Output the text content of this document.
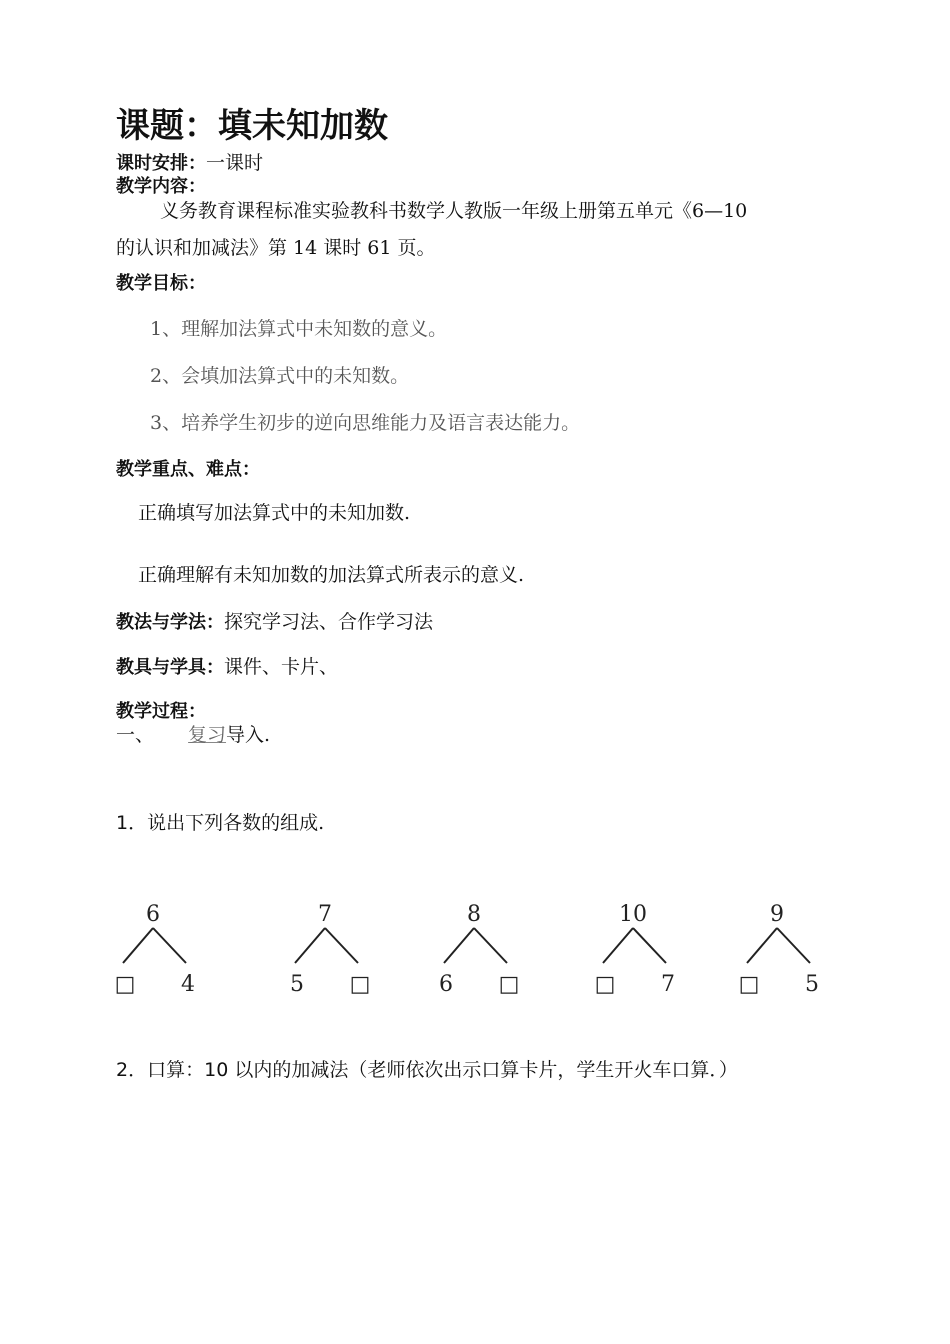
课题：填未知加数
课时安排：一课时
教学内容：
义务教育课程标准实验教科书数学人教版一年级上册第五单元《6—10
的认识和加减法》第 14 课时 61 页。
教学目标：
1、理解加法算式中未知数的意义。
2、会填加法算式中的未知数。
3、培养学生初步的逆向思维能力及语言表达能力。
教学重点、难点：
正确填写加法算式中的未知加数.
正确理解有未知加数的加法算式所表示的意义.
教法与学法：探究学习法、合作学习法
教具与学具：课件、卡片、
教学过程：
一、 复习导入.
1．说出下列各数的组成.
6
□ 4
7
5 □
8
6 □
10
□ 7
9
□ 5
2．口算：10 以内的加减法（老师依次出示口算卡片，学生开火车口算．）
